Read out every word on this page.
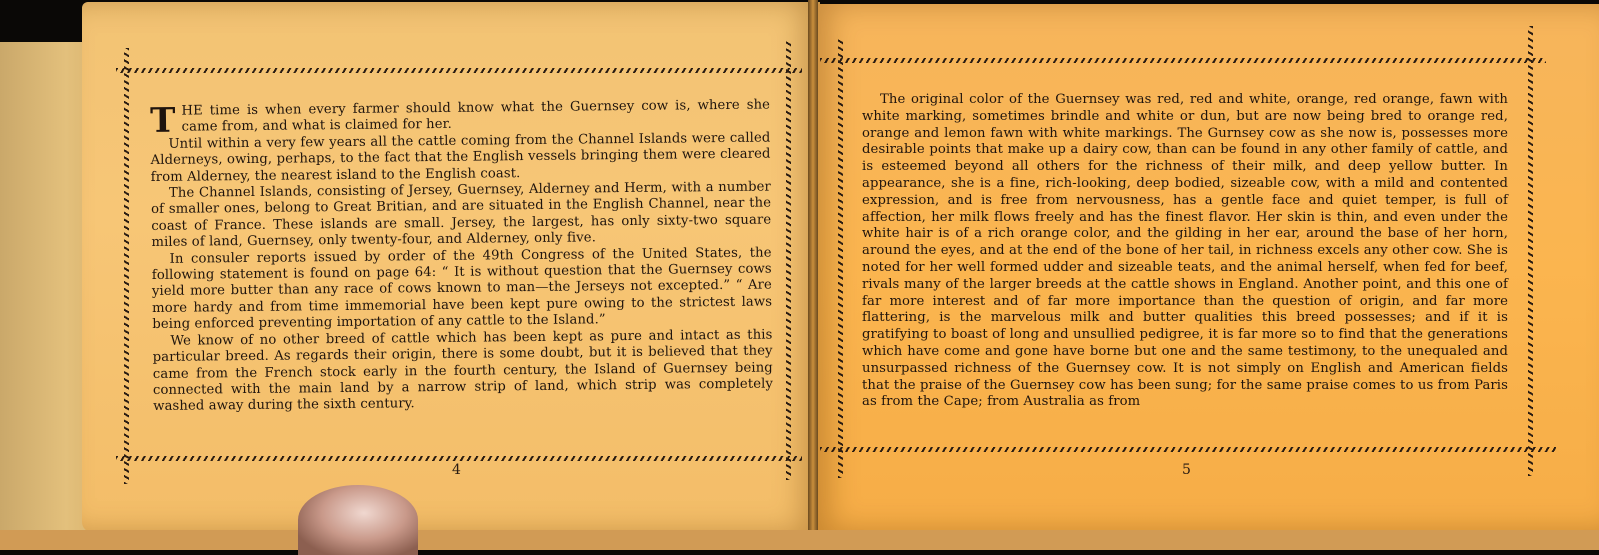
THE time is when every farmer should know what the Guernsey cow is, where she came from, and what is claimed for her.

Until within a very few years all the cattle coming from the Channel Islands were called Alderneys, owing, perhaps, to the fact that the English vessels bringing them were cleared from Alderney, the nearest island to the English coast.

The Channel Islands, consisting of Jersey, Guernsey, Alderney and Herm, with a number of smaller ones, belong to Great Britian, and are situated in the English Channel, near the coast of France. These islands are small. Jersey, the largest, has only sixty-two square miles of land, Guernsey, only twenty-four, and Alderney, only five.

In consuler reports issued by order of the 49th Congress of the United States, the following statement is found on page 64: “ It is without question that the Guernsey cows yield more butter than any race of cows known to man—the Jerseys not excepted.” “ Are more hardy and from time immemorial have been kept pure owing to the strictest laws being enforced preventing importation of any cattle to the Island.”

We know of no other breed of cattle which has been kept as pure and intact as this particular breed. As regards their origin, there is some doubt, but it is believed that they came from the French stock early in the fourth century, the Island of Guernsey being connected with the main land by a narrow strip of land, which strip was completely washed away during the sixth century.

4

The original color of the Guernsey was red, red and white, orange, red orange, fawn with white marking, sometimes brindle and white or dun, but are now being bred to orange red, orange and lemon fawn with white markings. The Gurnsey cow as she now is, possesses more desirable points that make up a dairy cow, than can be found in any other family of cattle, and is esteemed beyond all others for the richness of their milk, and deep yellow butter. In appearance, she is a fine, rich-looking, deep bodied, sizeable cow, with a mild and contented expression, and is free from nervousness, has a gentle face and quiet temper, is full of affection, her milk flows freely and has the finest flavor. Her skin is thin, and even under the white hair is of a rich orange color, and the gilding in her ear, around the base of her horn, around the eyes, and at the end of the bone of her tail, in richness excels any other cow. She is noted for her well formed udder and sizeable teats, and the animal herself, when fed for beef, rivals many of the larger breeds at the cattle shows in England. Another point, and this one of far more interest and of far more importance than the question of origin, and far more flattering, is the marvelous milk and butter qualities this breed possesses; and if it is gratifying to boast of long and unsullied pedigree, it is far more so to find that the generations which have come and gone have borne but one and the same testimony, to the unequaled and unsurpassed richness of the Guernsey cow. It is not simply on English and American fields that the praise of the Guernsey cow has been sung; for the same praise comes to us from Paris as from the Cape; from Australia as from

5
